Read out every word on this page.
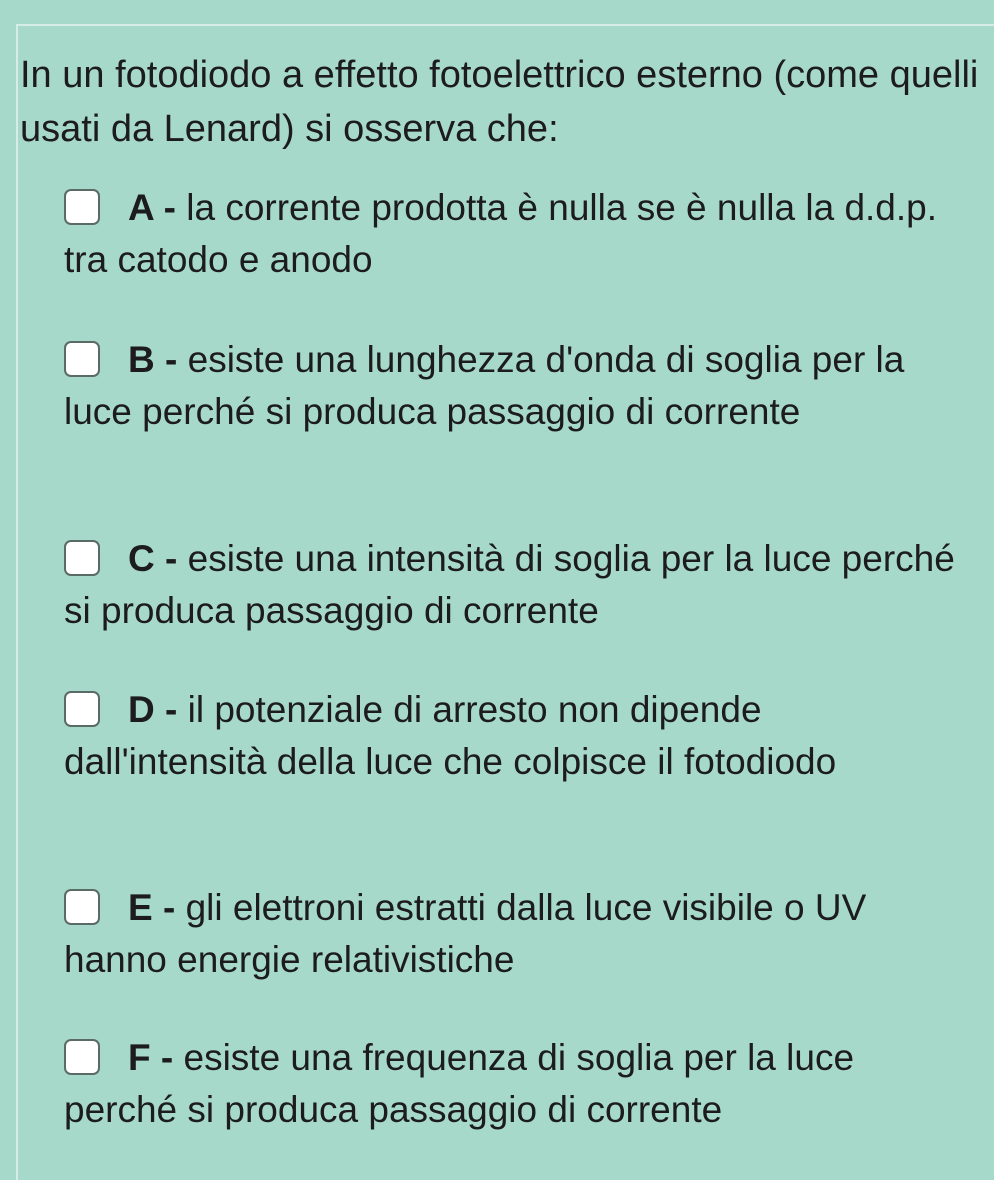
In un fotodiodo a effetto fotoelettrico esterno (come quelli usati da Lenard) si osserva che:

A - la corrente prodotta è nulla se è nulla la d.d.p. tra catodo e anodo
B - esiste una lunghezza d'onda di soglia per la luce perché si produca passaggio di corrente
C - esiste una intensità di soglia per la luce perché si produca passaggio di corrente
D - il potenziale di arresto non dipende dall'intensità della luce che colpisce il fotodiodo
E - gli elettroni estratti dalla luce visibile o UV hanno energie relativistiche
F - esiste una frequenza di soglia per la luce perché si produca passaggio di corrente
